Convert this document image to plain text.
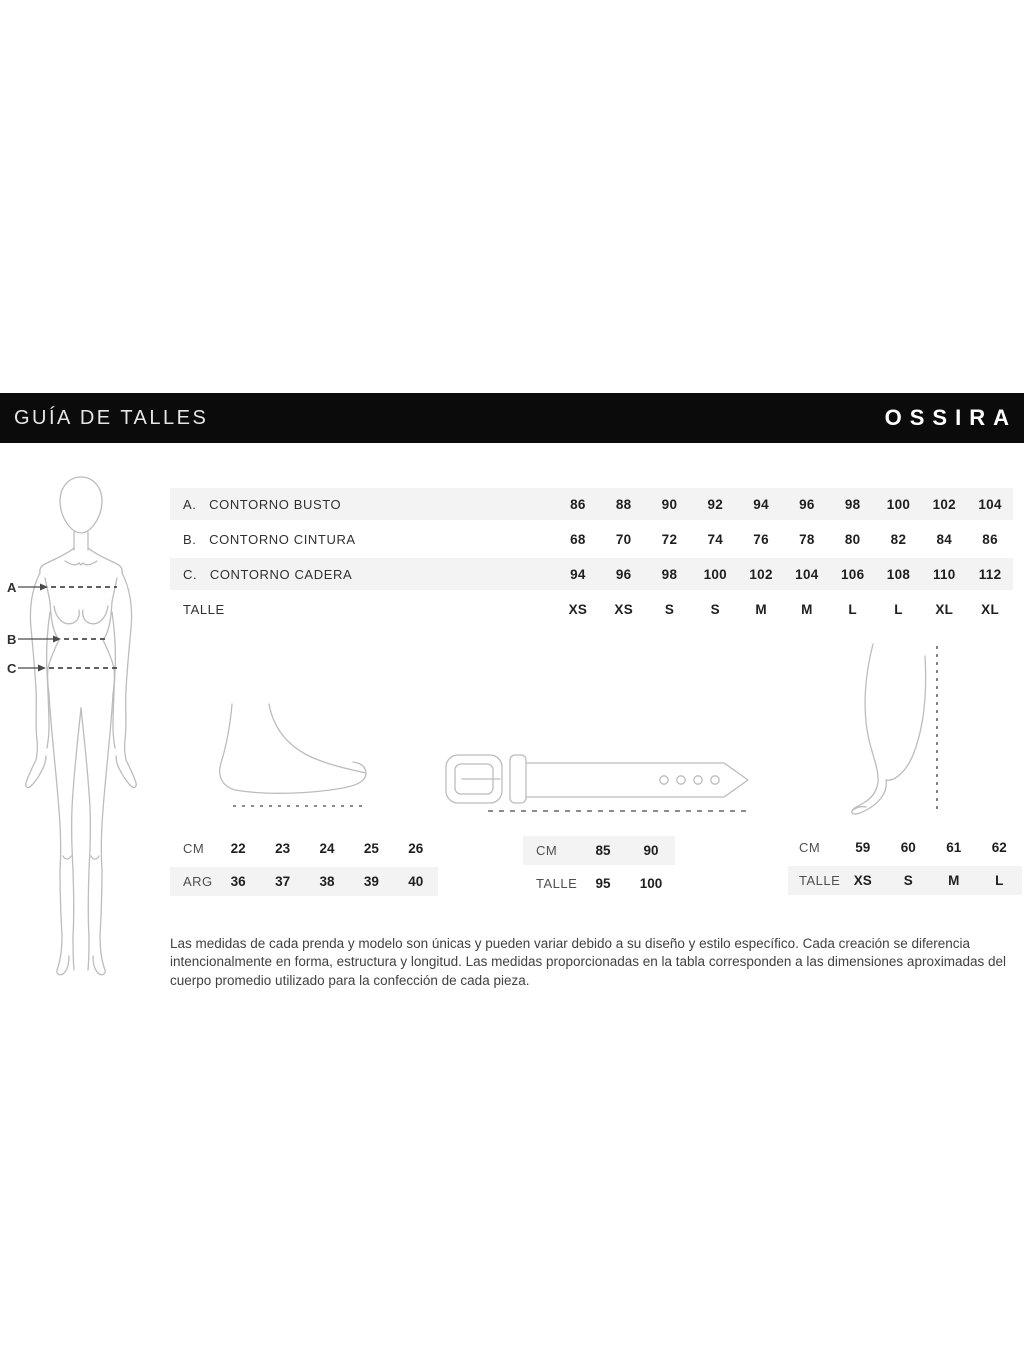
GUÍA DE TALLES	OSSIRA
A
B
C
A.   CONTORNO BUSTO	86	88	90	92	94	96	98	100	102	104
B.   CONTORNO CINTURA	68	70	72	74	76	78	80	82	84	86
C.   CONTORNO CADERA	94	96	98	100	102	104	106	108	110	112
TALLE	XS	XS	S	S	M	M	L	L	XL	XL
CM	22	23	24	25	26
ARG	36	37	38	39	40
CM	85	90
TALLE	95	100
CM	59	60	61	62
TALLE XS	S	M	L

Las medidas de cada prenda y modelo son únicas y pueden variar debido a su diseño y estilo específico. Cada creación se diferencia intencionalmente en forma, estructura y longitud. Las medidas proporcionadas en la tabla corresponden a las dimensiones aproximadas del cuerpo promedio utilizado para la confección de cada pieza.
